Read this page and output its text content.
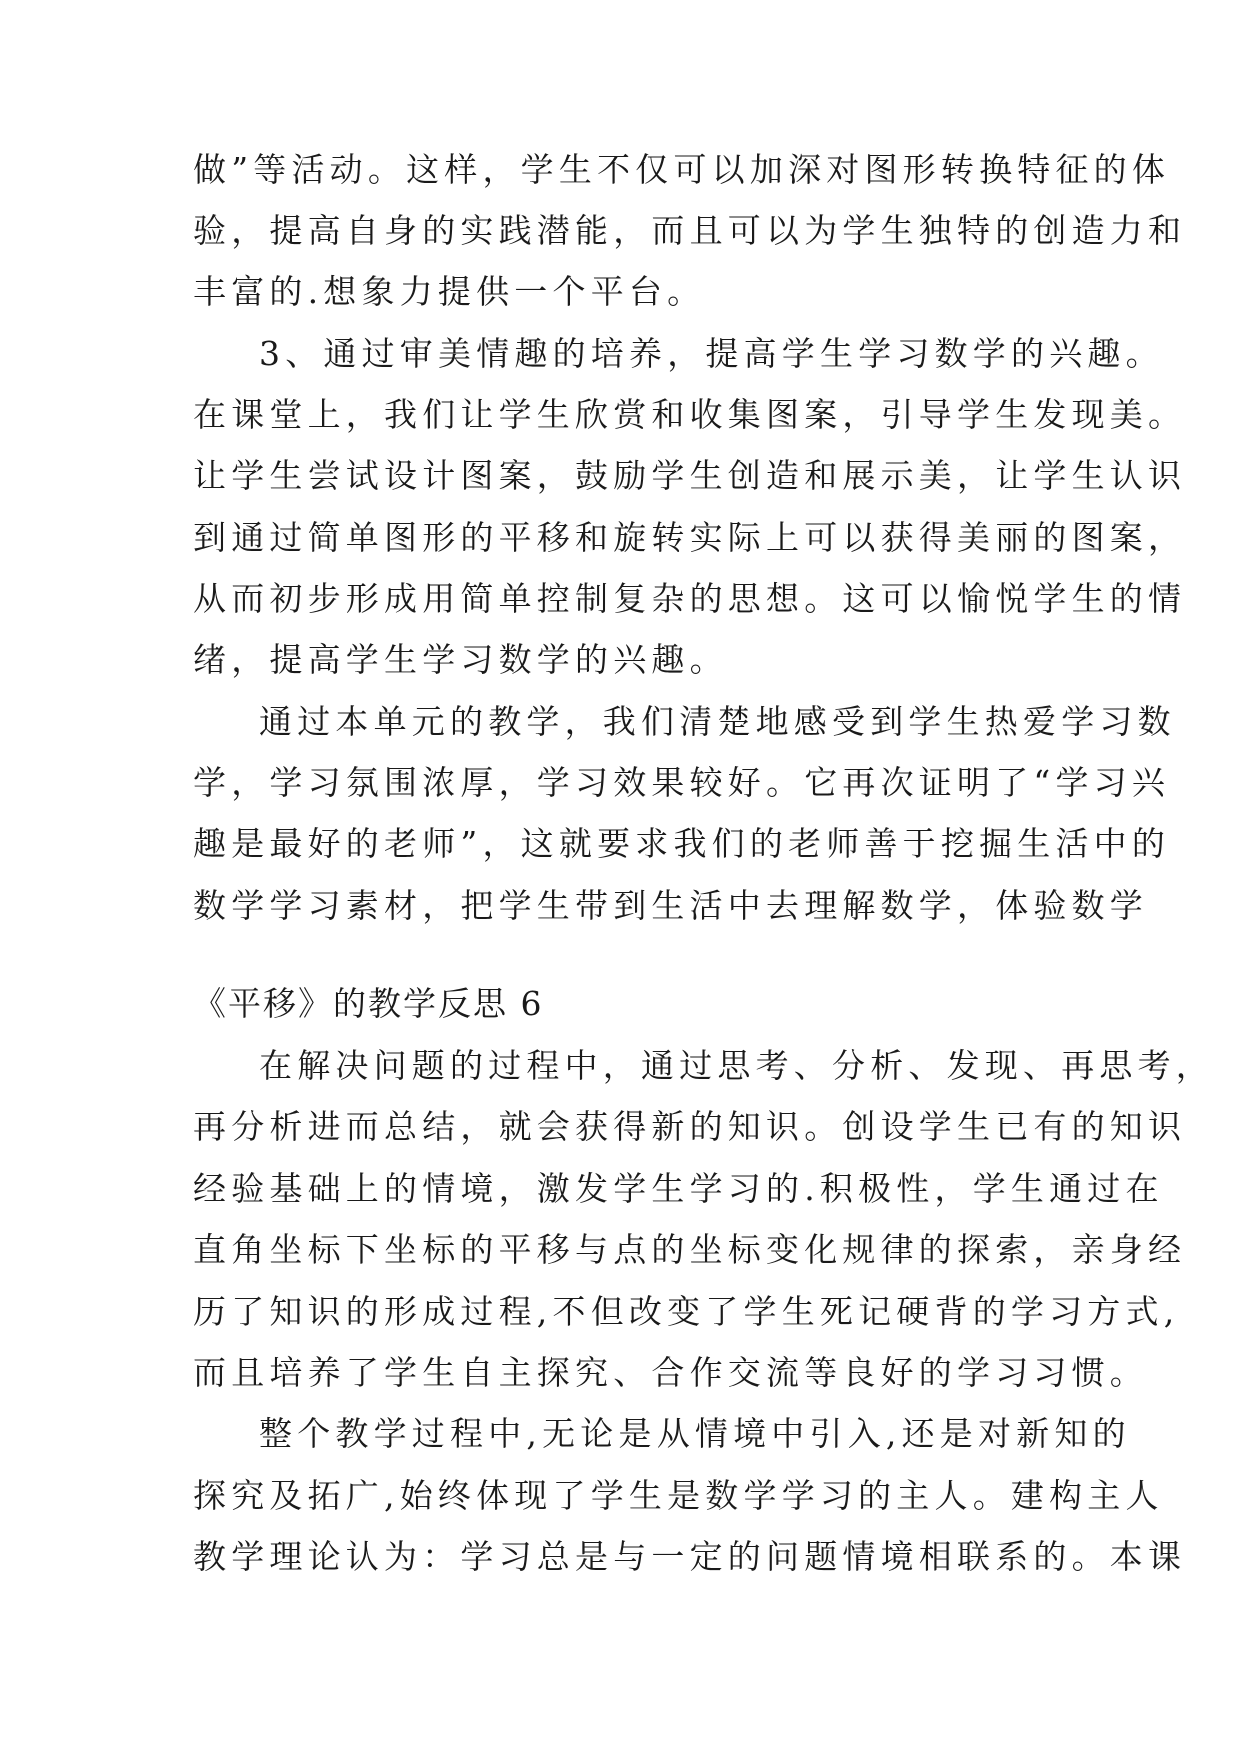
做”等活动。这样，学生不仅可以加深对图形转换特征的体
验，提高自身的实践潜能，而且可以为学生独特的创造力和
丰富的.想象力提供一个平台。
3、通过审美情趣的培养，提高学生学习数学的兴趣。
在课堂上，我们让学生欣赏和收集图案，引导学生发现美。
让学生尝试设计图案，鼓励学生创造和展示美，让学生认识
到通过简单图形的平移和旋转实际上可以获得美丽的图案，
从而初步形成用简单控制复杂的思想。这可以愉悦学生的情
绪，提高学生学习数学的兴趣。
通过本单元的教学，我们清楚地感受到学生热爱学习数
学，学习氛围浓厚，学习效果较好。它再次证明了“学习兴
趣是最好的老师”，这就要求我们的老师善于挖掘生活中的
数学学习素材，把学生带到生活中去理解数学，体验数学
《平移》的教学反思 6
在解决问题的过程中，通过思考、分析、发现、再思考，
再分析进而总结，就会获得新的知识。创设学生已有的知识
经验基础上的情境，激发学生学习的.积极性，学生通过在
直角坐标下坐标的平移与点的坐标变化规律的探索，亲身经
历了知识的形成过程,不但改变了学生死记硬背的学习方式,
而且培养了学生自主探究、合作交流等良好的学习习惯。
整个教学过程中,无论是从情境中引入,还是对新知的
探究及拓广,始终体现了学生是数学学习的主人。建构主人
教学理论认为：学习总是与一定的问题情境相联系的。本课
